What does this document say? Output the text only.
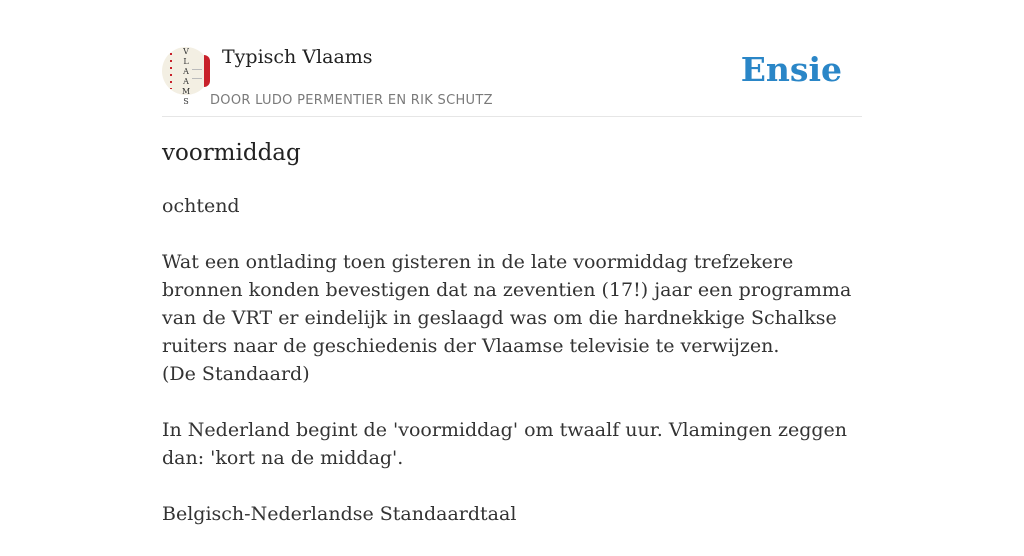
VLAAMS
Typisch Vlaams
DOOR LUDO PERMENTIER EN RIK SCHUTZ
Ensie
voormiddag

ochtend

Wat een ontlading toen gisteren in de late voormiddag trefzekere bronnen konden bevestigen dat na zeventien (17!) jaar een programma van de VRT er eindelijk in geslaagd was om die hardnekkige Schalkse ruiters naar de geschiedenis der Vlaamse televisie te verwijzen.
(De Standaard)

In Nederland begint de 'voormiddag' om twaalf uur. Vlamingen zeggen dan: 'kort na de middag'.

Belgisch-Nederlandse Standaardtaal
